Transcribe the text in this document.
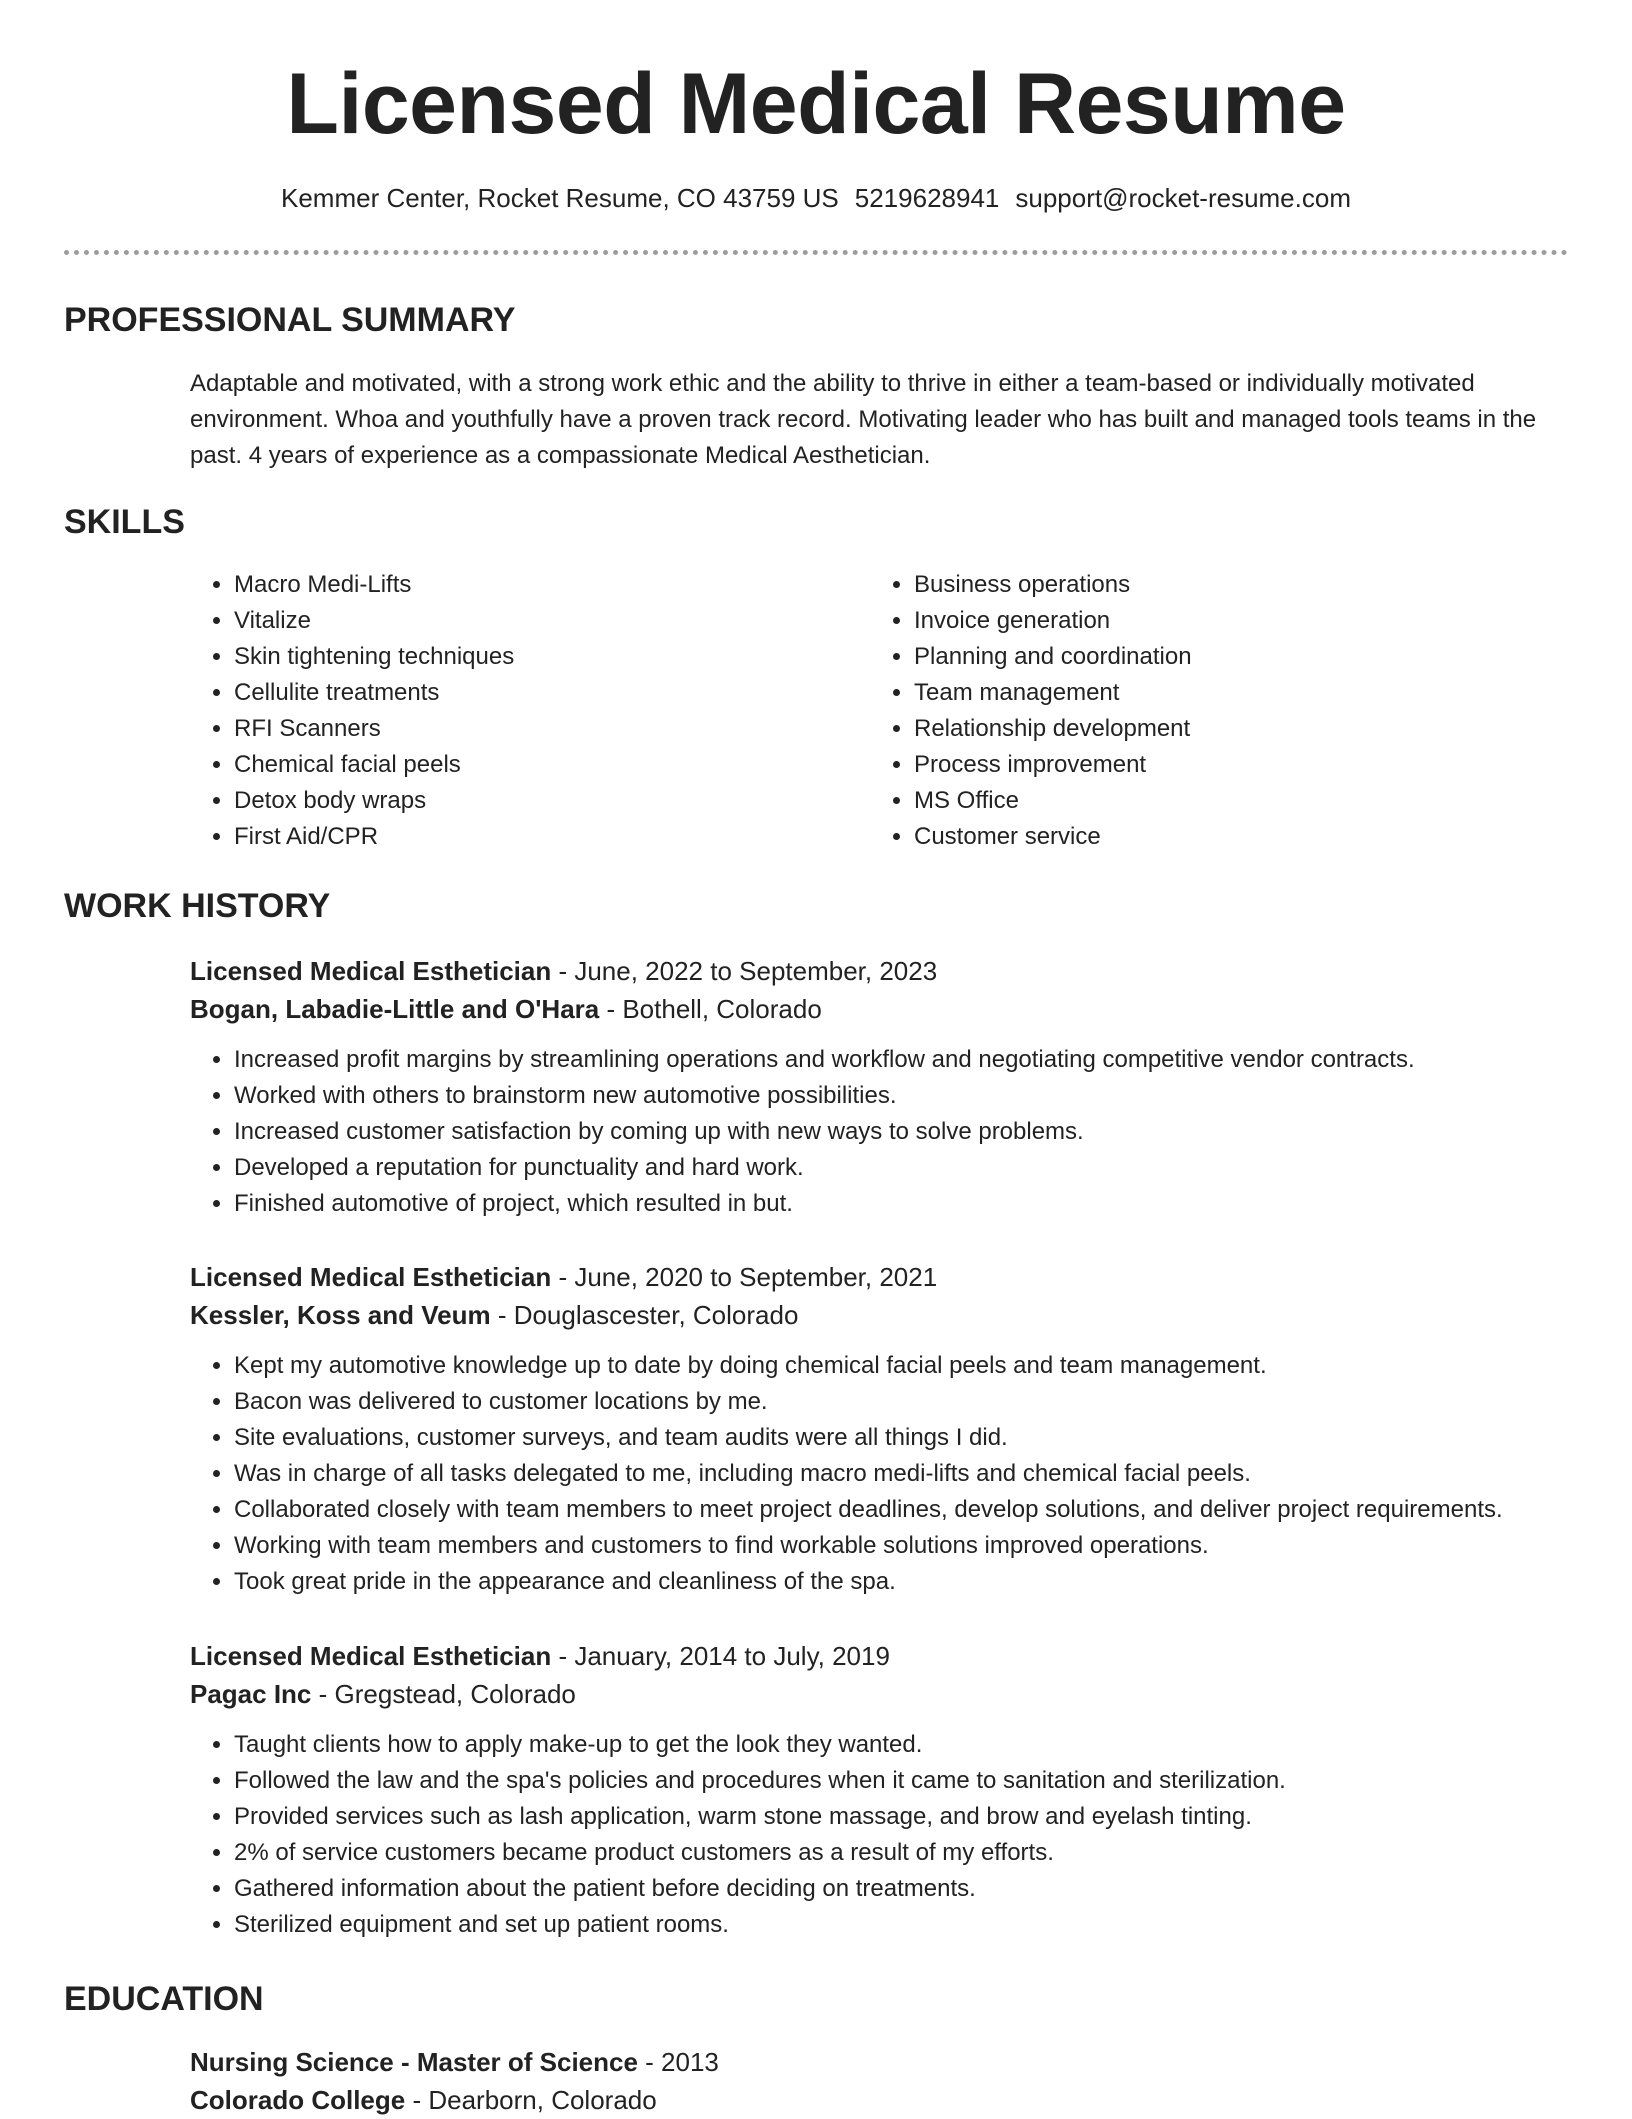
Licensed Medical Resume
Kemmer Center, Rocket Resume, CO 43759 US 5219628941 support@rocket-resume.com
PROFESSIONAL SUMMARY
Adaptable and motivated, with a strong work ethic and the ability to thrive in either a team-based or individually motivated environment. Whoa and youthfully have a proven track record. Motivating leader who has built and managed tools teams in the past. 4 years of experience as a compassionate Medical Aesthetician.
SKILLS
• Macro Medi-Lifts
• Vitalize
• Skin tightening techniques
• Cellulite treatments
• RFI Scanners
• Chemical facial peels
• Detox body wraps
• First Aid/CPR
• Business operations
• Invoice generation
• Planning and coordination
• Team management
• Relationship development
• Process improvement
• MS Office
• Customer service
WORK HISTORY
Licensed Medical Esthetician - June, 2022 to September, 2023
Bogan, Labadie-Little and O'Hara - Bothell, Colorado
• Increased profit margins by streamlining operations and workflow and negotiating competitive vendor contracts.
• Worked with others to brainstorm new automotive possibilities.
• Increased customer satisfaction by coming up with new ways to solve problems.
• Developed a reputation for punctuality and hard work.
• Finished automotive of project, which resulted in but.
Licensed Medical Esthetician - June, 2020 to September, 2021
Kessler, Koss and Veum - Douglascester, Colorado
• Kept my automotive knowledge up to date by doing chemical facial peels and team management.
• Bacon was delivered to customer locations by me.
• Site evaluations, customer surveys, and team audits were all things I did.
• Was in charge of all tasks delegated to me, including macro medi-lifts and chemical facial peels.
• Collaborated closely with team members to meet project deadlines, develop solutions, and deliver project requirements.
• Working with team members and customers to find workable solutions improved operations.
• Took great pride in the appearance and cleanliness of the spa.
Licensed Medical Esthetician - January, 2014 to July, 2019
Pagac Inc - Gregstead, Colorado
• Taught clients how to apply make-up to get the look they wanted.
• Followed the law and the spa's policies and procedures when it came to sanitation and sterilization.
• Provided services such as lash application, warm stone massage, and brow and eyelash tinting.
• 2% of service customers became product customers as a result of my efforts.
• Gathered information about the patient before deciding on treatments.
• Sterilized equipment and set up patient rooms.
EDUCATION
Nursing Science - Master of Science - 2013
Colorado College - Dearborn, Colorado
